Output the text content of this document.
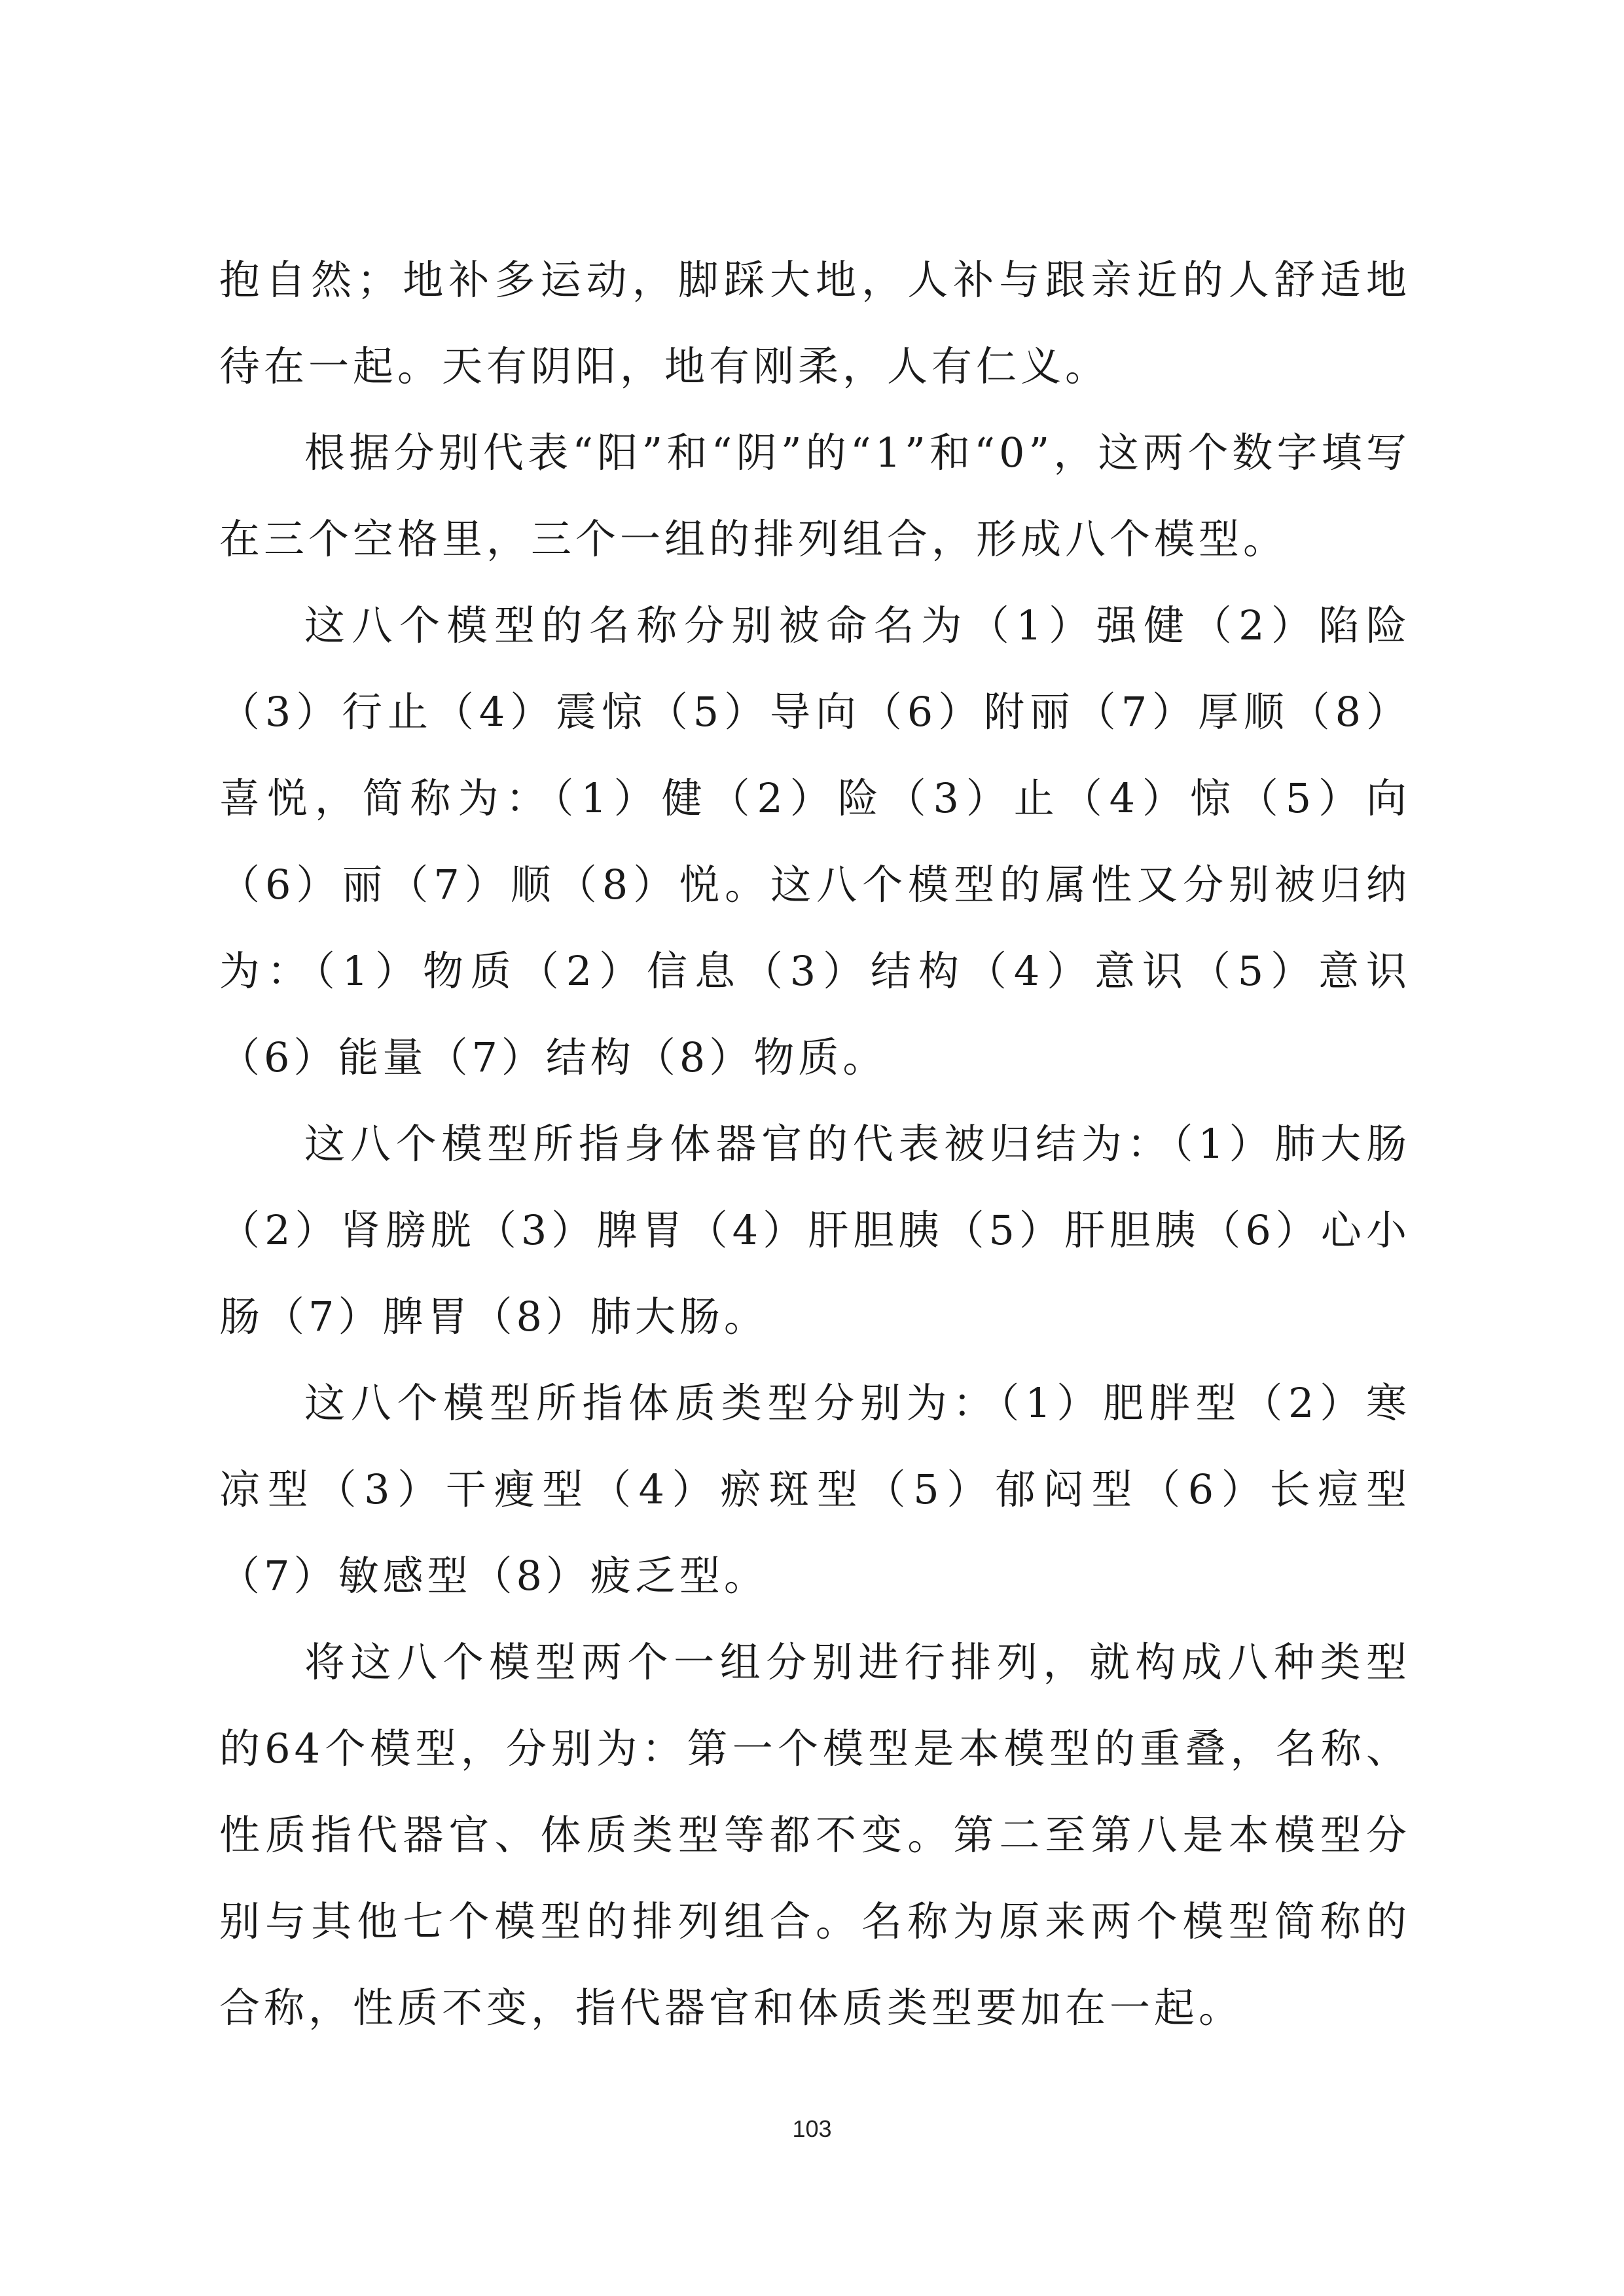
抱自然；地补多运动，脚踩大地，人补与跟亲近的人舒适地待在一起。天有阴阳，地有刚柔，人有仁义。

根据分别代表“阳”和“阴”的“1”和“0”，这两个数字填写在三个空格里，三个一组的排列组合，形成八个模型。

这八个模型的名称分别被命名为（1）强健（2）陷险（3）行止（4）震惊（5）导向（6）附丽（7）厚顺（8）喜悦，简称为：（1）健（2）险（3）止（4）惊（5）向（6）丽（7）顺（8）悦。这八个模型的属性又分别被归纳为：（1）物质（2）信息（3）结构（4）意识（5）意识（6）能量（7）结构（8）物质。

这八个模型所指身体器官的代表被归结为：（1）肺大肠（2）肾膀胱（3）脾胃（4）肝胆胰（5）肝胆胰（6）心小肠（7）脾胃（8）肺大肠。

这八个模型所指体质类型分别为：（1）肥胖型（2）寒凉型（3）干瘦型（4）瘀斑型（5）郁闷型（6）长痘型（7）敏感型（8）疲乏型。

将这八个模型两个一组分别进行排列，就构成八种类型的64个模型，分别为：第一个模型是本模型的重叠，名称、性质指代器官、体质类型等都不变。第二至第八是本模型分别与其他七个模型的排列组合。名称为原来两个模型简称的合称，性质不变，指代器官和体质类型要加在一起。

103
